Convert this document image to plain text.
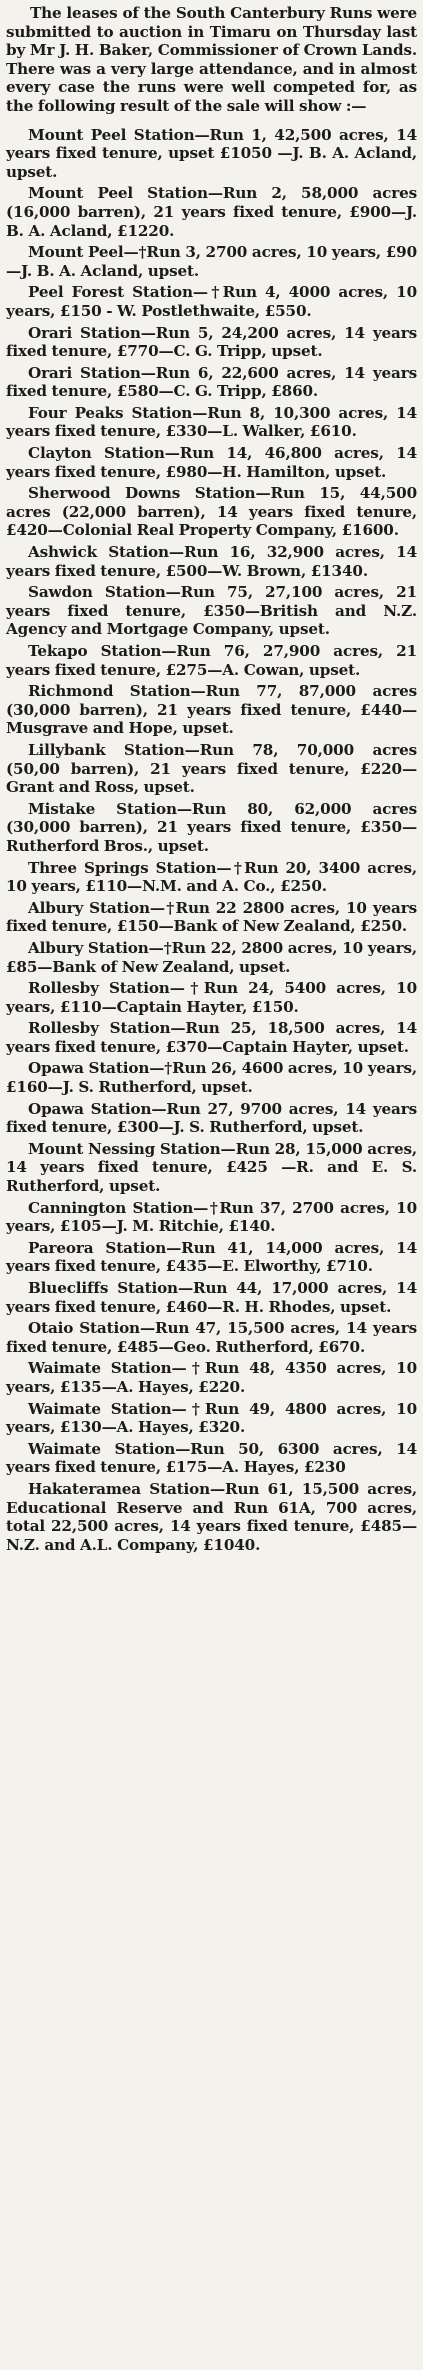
The leases of the South Canterbury Runs were submitted to auction in Timaru on Thursday last by Mr J. H. Baker, Commissioner of Crown Lands. There was a very large attendance, and in almost every case the runs were well competed for, as the following result of the sale will show :—

Mount Peel Station—Run 1, 42,500 acres, 14 years fixed tenure, upset £1050 —J. B. A. Acland, upset.

Mount Peel Station—Run 2, 58,000 acres (16,000 barren), 21 years fixed tenure, £900—J. B. A. Acland, £1220.

Mount Peel—†Run 3, 2700 acres, 10 years, £90—J. B. A. Acland, upset.

Peel Forest Station—†Run 4, 4000 acres, 10 years, £150 - W. Postlethwaite, £550.

Orari Station—Run 5, 24,200 acres, 14 years fixed tenure, £770—C. G. Tripp, upset.

Orari Station—Run 6, 22,600 acres, 14 years fixed tenure, £580—C. G. Tripp, £860.

Four Peaks Station—Run 8, 10,300 acres, 14 years fixed tenure, £330—L. Walker, £610.

Clayton Station—Run 14, 46,800 acres, 14 years fixed tenure, £980—H. Hamilton, upset.

Sherwood Downs Station—Run 15, 44,500 acres (22,000 barren), 14 years fixed tenure, £420—Colonial Real Property Company, £1600.

Ashwick Station—Run 16, 32,900 acres, 14 years fixed tenure, £500—W. Brown, £1340.

Sawdon Station—Run 75, 27,100 acres, 21 years fixed tenure, £350—British and N.Z. Agency and Mortgage Company, upset.

Tekapo Station—Run 76, 27,900 acres, 21 years fixed tenure, £275—A. Cowan, upset.

Richmond Station—Run 77, 87,000 acres (30,000 barren), 21 years fixed tenure, £440—Musgrave and Hope, upset.

Lillybank Station—Run 78, 70,000 acres (50,00 barren), 21 years fixed tenure, £220—Grant and Ross, upset.

Mistake Station—Run 80, 62,000 acres (30,000 barren), 21 years fixed tenure, £350—Rutherford Bros., upset.

Three Springs Station—†Run 20, 3400 acres, 10 years, £110—N.M. and A. Co., £250.

Albury Station—†Run 22 2800 acres, 10 years fixed tenure, £150—Bank of New Zealand, £250.

Albury Station—†Run 22, 2800 acres, 10 years, £85—Bank of New Zealand, upset.

Rollesby Station—†Run 24, 5400 acres, 10 years, £110—Captain Hayter, £150.

Rollesby Station—Run 25, 18,500 acres, 14 years fixed tenure, £370—Captain Hayter, upset.

Opawa Station—†Run 26, 4600 acres, 10 years, £160—J. S. Rutherford, upset.

Opawa Station—Run 27, 9700 acres, 14 years fixed tenure, £300—J. S. Rutherford, upset.

Mount Nessing Station—Run 28, 15,000 acres, 14 years fixed tenure, £425 —R. and E. S. Rutherford, upset.

Cannington Station—†Run 37, 2700 acres, 10 years, £105—J. M. Ritchie, £140.

Pareora Station—Run 41, 14,000 acres, 14 years fixed tenure, £435—E. Elworthy, £710.

Bluecliffs Station—Run 44, 17,000 acres, 14 years fixed tenure, £460—R. H. Rhodes, upset.

Otaio Station—Run 47, 15,500 acres, 14 years fixed tenure, £485—Geo. Rutherford, £670.

Waimate Station—†Run 48, 4350 acres, 10 years, £135—A. Hayes, £220.

Waimate Station—†Run 49, 4800 acres, 10 years, £130—A. Hayes, £320.

Waimate Station—Run 50, 6300 acres, 14 years fixed tenure, £175—A. Hayes, £230

Hakateramea Station—Run 61, 15,500 acres, Educational Reserve and Run 61A, 700 acres, total 22,500 acres, 14 years fixed tenure, £485—N.Z. and A.L. Company, £1040.
